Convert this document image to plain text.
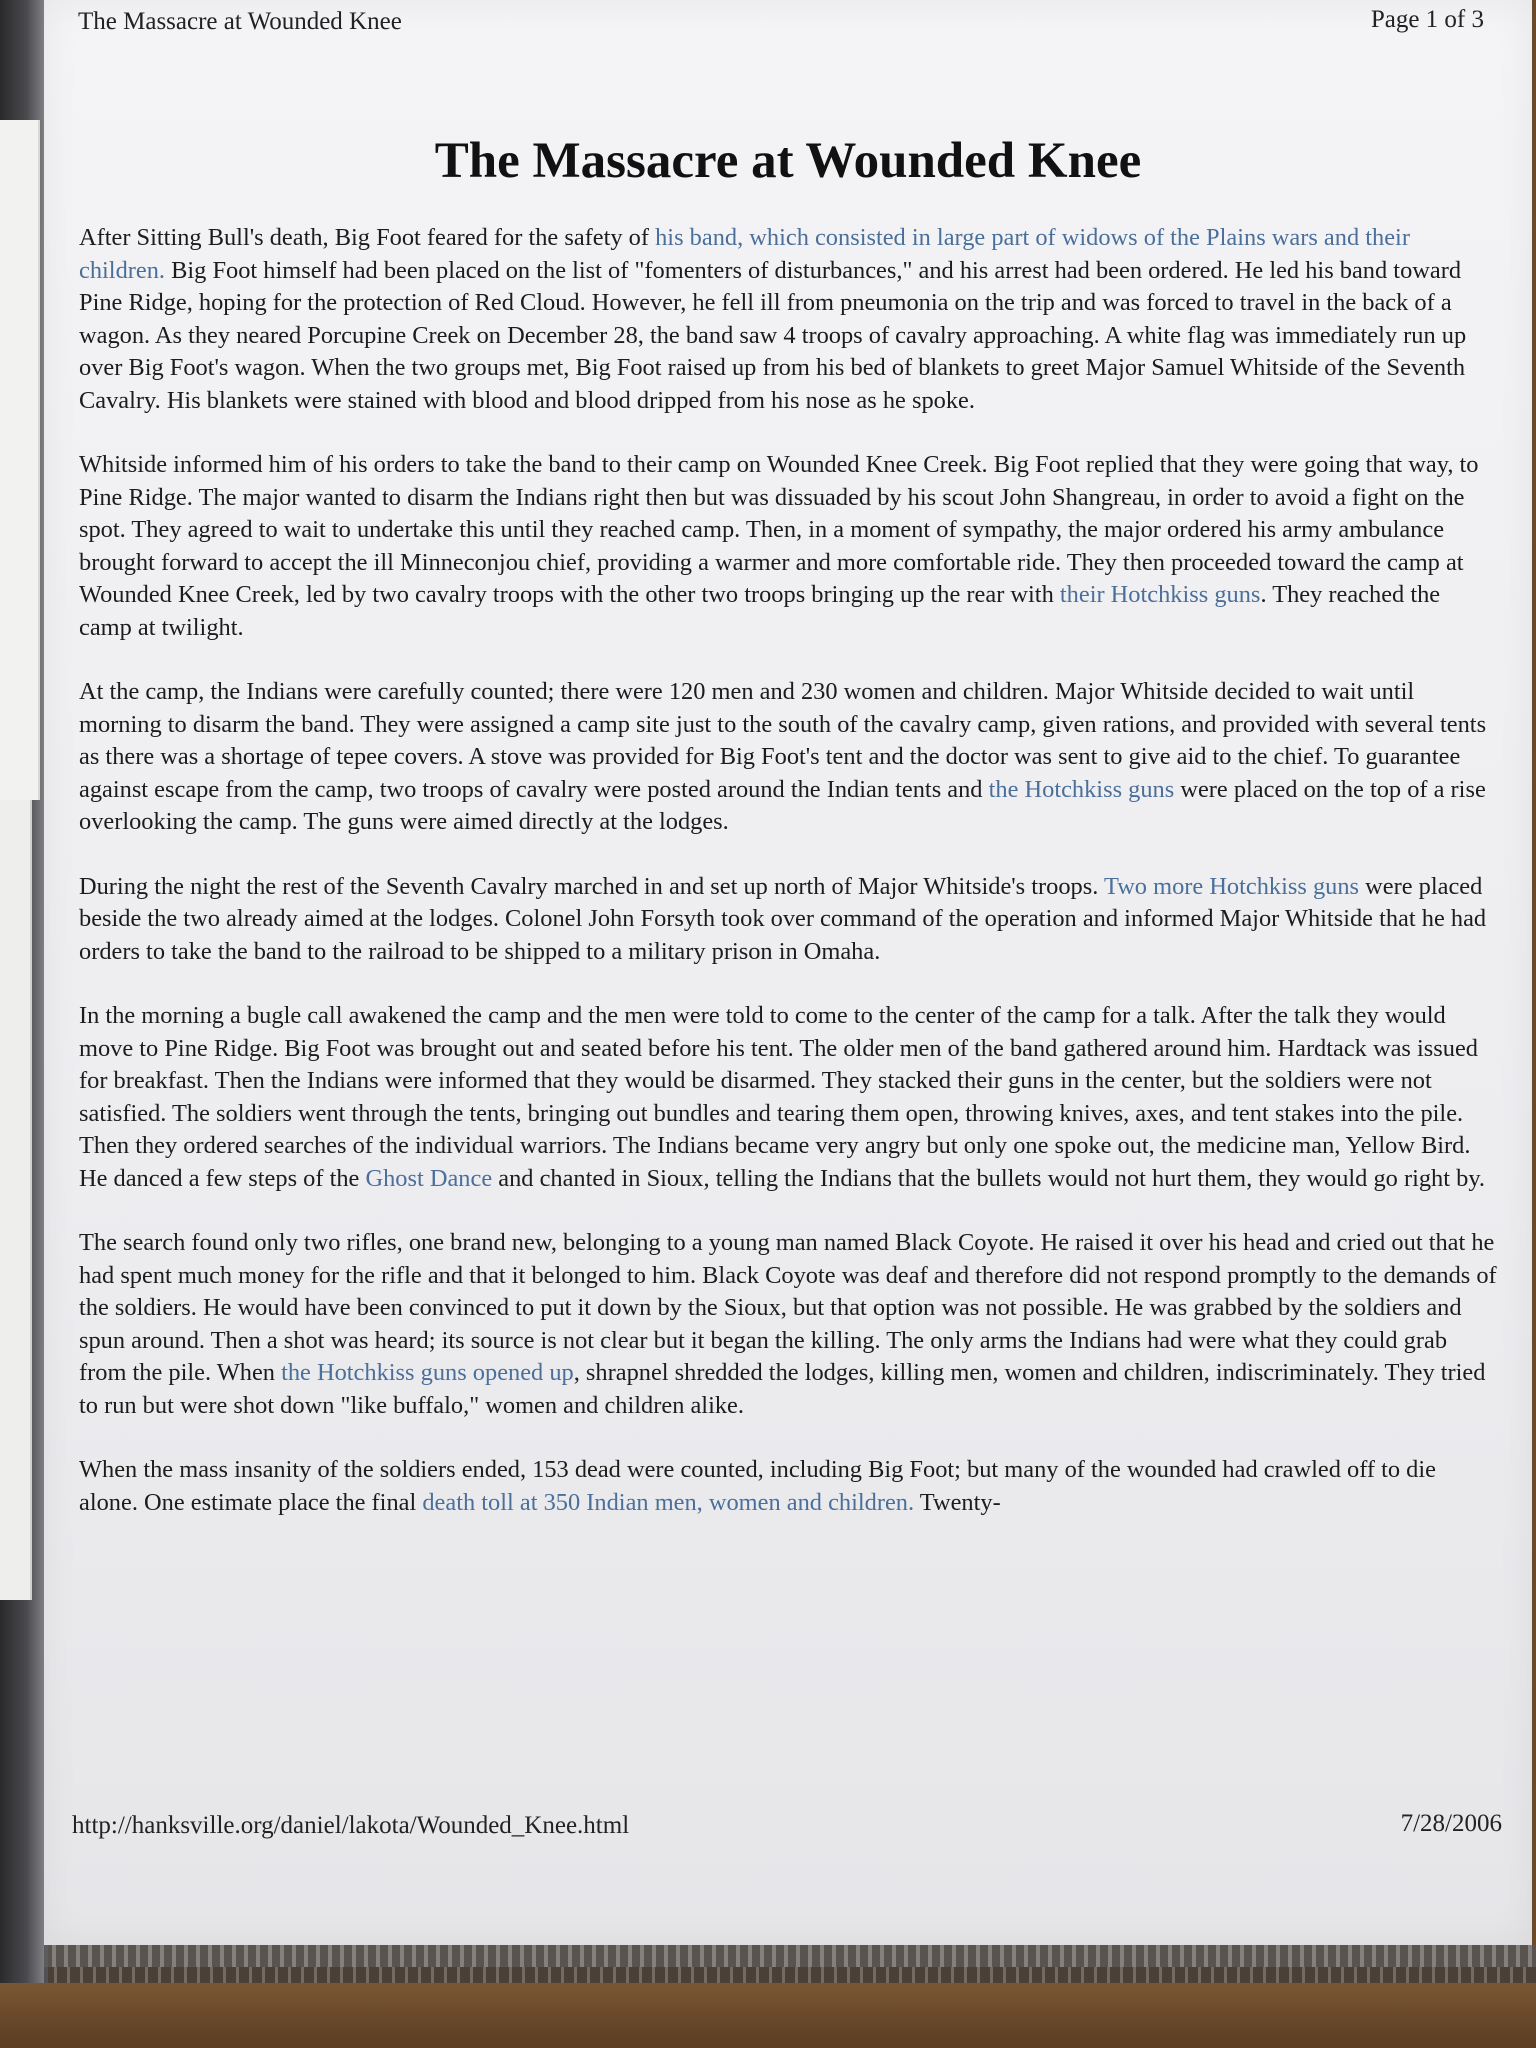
The Massacre at Wounded Knee	Page 1 of 3
The Massacre at Wounded Knee

After Sitting Bull's death, Big Foot feared for the safety of his band, which consisted in large part of widows of the Plains wars and their children. Big Foot himself had been placed on the list of "fomenters of disturbances," and his arrest had been ordered. He led his band toward Pine Ridge, hoping for the protection of Red Cloud. However, he fell ill from pneumonia on the trip and was forced to travel in the back of a wagon. As they neared Porcupine Creek on December 28, the band saw 4 troops of cavalry approaching. A white flag was immediately run up over Big Foot's wagon. When the two groups met, Big Foot raised up from his bed of blankets to greet Major Samuel Whitside of the Seventh Cavalry. His blankets were stained with blood and blood dripped from his nose as he spoke.

Whitside informed him of his orders to take the band to their camp on Wounded Knee Creek. Big Foot replied that they were going that way, to Pine Ridge. The major wanted to disarm the Indians right then but was dissuaded by his scout John Shangreau, in order to avoid a fight on the spot. They agreed to wait to undertake this until they reached camp. Then, in a moment of sympathy, the major ordered his army ambulance brought forward to accept the ill Minneconjou chief, providing a warmer and more comfortable ride. They then proceeded toward the camp at Wounded Knee Creek, led by two cavalry troops with the other two troops bringing up the rear with their Hotchkiss guns. They reached the camp at twilight.

At the camp, the Indians were carefully counted; there were 120 men and 230 women and children. Major Whitside decided to wait until morning to disarm the band. They were assigned a camp site just to the south of the cavalry camp, given rations, and provided with several tents as there was a shortage of tepee covers. A stove was provided for Big Foot's tent and the doctor was sent to give aid to the chief. To guarantee against escape from the camp, two troops of cavalry were posted around the Indian tents and the Hotchkiss guns were placed on the top of a rise overlooking the camp. The guns were aimed directly at the lodges.

During the night the rest of the Seventh Cavalry marched in and set up north of Major Whitside's troops. Two more Hotchkiss guns were placed beside the two already aimed at the lodges. Colonel John Forsyth took over command of the operation and informed Major Whitside that he had orders to take the band to the railroad to be shipped to a military prison in Omaha.

In the morning a bugle call awakened the camp and the men were told to come to the center of the camp for a talk. After the talk they would move to Pine Ridge. Big Foot was brought out and seated before his tent. The older men of the band gathered around him. Hardtack was issued for breakfast. Then the Indians were informed that they would be disarmed. They stacked their guns in the center, but the soldiers were not satisfied. The soldiers went through the tents, bringing out bundles and tearing them open, throwing knives, axes, and tent stakes into the pile. Then they ordered searches of the individual warriors. The Indians became very angry but only one spoke out, the medicine man, Yellow Bird. He danced a few steps of the Ghost Dance and chanted in Sioux, telling the Indians that the bullets would not hurt them, they would go right by.

The search found only two rifles, one brand new, belonging to a young man named Black Coyote. He raised it over his head and cried out that he had spent much money for the rifle and that it belonged to him. Black Coyote was deaf and therefore did not respond promptly to the demands of the soldiers. He would have been convinced to put it down by the Sioux, but that option was not possible. He was grabbed by the soldiers and spun around. Then a shot was heard; its source is not clear but it began the killing. The only arms the Indians had were what they could grab from the pile. When the Hotchkiss guns opened up, shrapnel shredded the lodges, killing men, women and children, indiscriminately. They tried to run but were shot down "like buffalo," women and children alike.

When the mass insanity of the soldiers ended, 153 dead were counted, including Big Foot; but many of the wounded had crawled off to die alone. One estimate place the final death toll at 350 Indian men, women and children. Twenty-

http://hanksville.org/daniel/lakota/Wounded_Knee.html	7/28/2006
